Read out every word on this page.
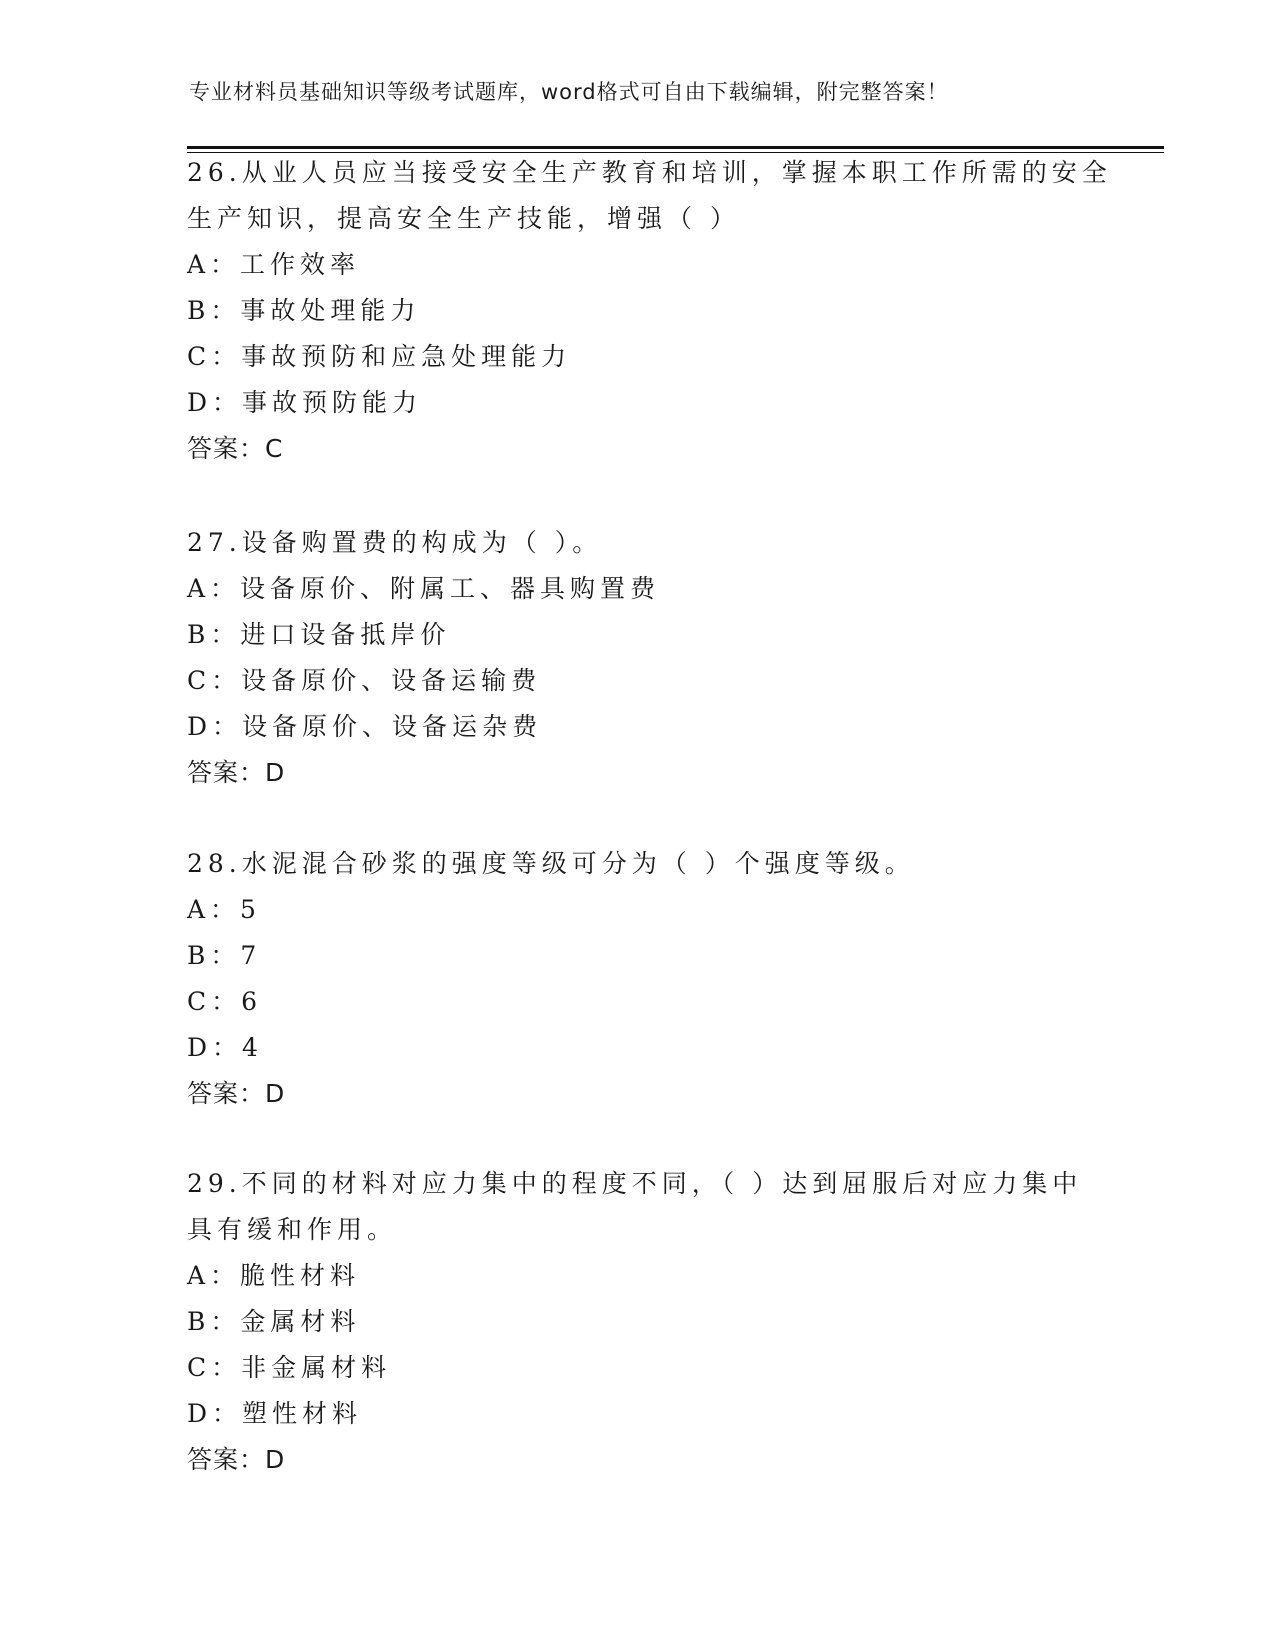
专业材料员基础知识等级考试题库，word格式可自由下载编辑，附完整答案！
26.从业人员应当接受安全生产教育和培训，掌握本职工作所需的安全
生产知识，提高安全生产技能，增强（ ）
A：工作效率
B：事故处理能力
C：事故预防和应急处理能力
D：事故预防能力
答案：C
27.设备购置费的构成为（ ）。
A：设备原价、附属工、器具购置费
B：进口设备抵岸价
C：设备原价、设备运输费
D：设备原价、设备运杂费
答案：D
28.水泥混合砂浆的强度等级可分为（ ）个强度等级。
A：5
B：7
C：6
D：4
答案：D
29.不同的材料对应力集中的程度不同，（ ）达到屈服后对应力集中
具有缓和作用。
A：脆性材料
B：金属材料
C：非金属材料
D：塑性材料
答案：D
